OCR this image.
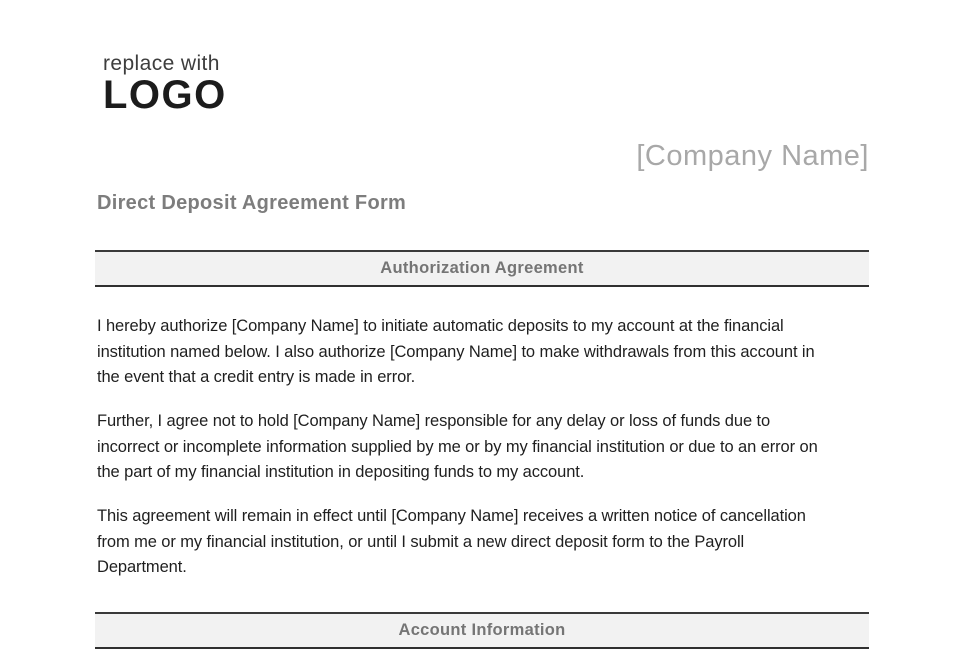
replace with
LOGO
[Company Name]
Direct Deposit Agreement Form
Authorization Agreement
I hereby authorize [Company Name] to initiate automatic deposits to my account at the financial
institution named below. I also authorize [Company Name] to make withdrawals from this account in
the event that a credit entry is made in error.
Further, I agree not to hold [Company Name] responsible for any delay or loss of funds due to
incorrect or incomplete information supplied by me or by my financial institution or due to an error on
the part of my financial institution in depositing funds to my account.
This agreement will remain in effect until [Company Name] receives a written notice of cancellation
from me or my financial institution, or until I submit a new direct deposit form to the Payroll
Department.
Account Information
